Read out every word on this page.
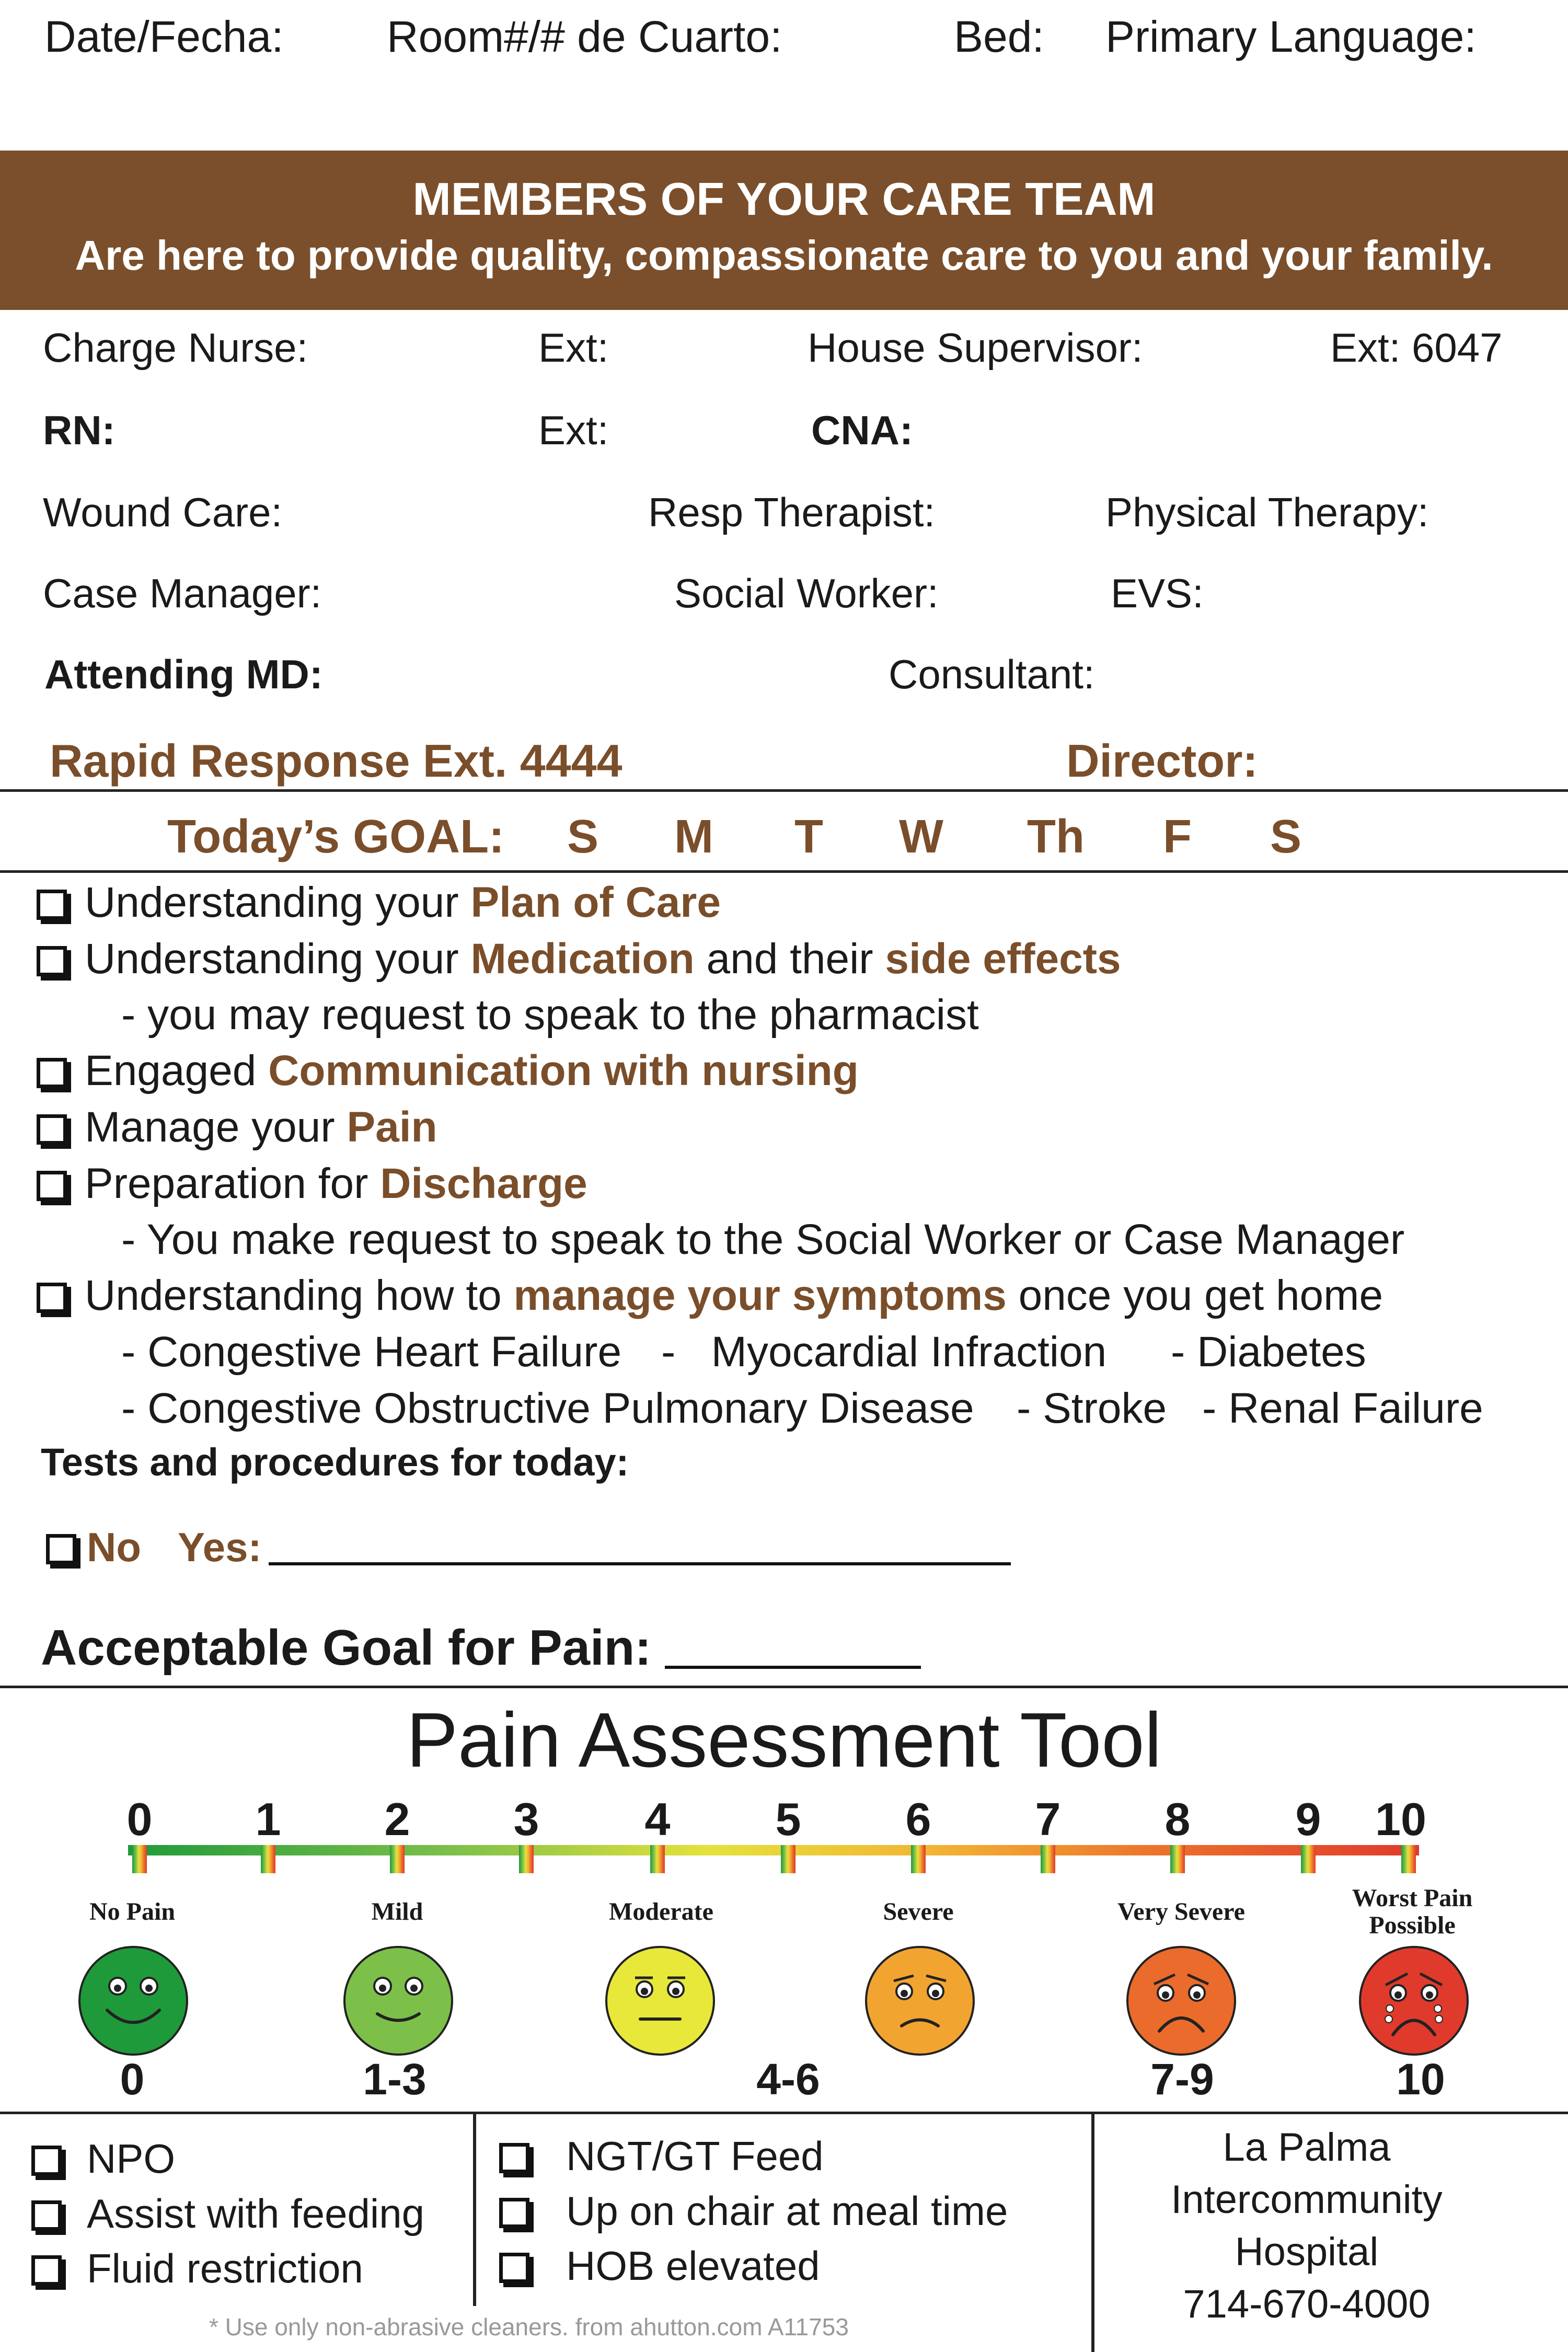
Date/Fecha: Room#/# de Cuarto:	Bed: Primary Language:
MEMBERS OF YOUR CARE TEAM
Are here to provide quality, compassionate care to you and your family.
Charge Nurse:	Ext:	House Supervisor:	Ext: 6047
RN:	Ext:	CNA:
Wound Care:	Resp Therapist:	Physical Therapy:
Case Manager:	Social Worker:	EVS:
Attending MD:	Consultant:
Rapid Response Ext. 4444	Director:
Today’s GOAL: S M T W Th F S
Understanding your Plan of Care
Understanding your Medication and their side effects
- you may request to speak to the pharmacist
Engaged Communication with nursing
Manage your Pain
Preparation for Discharge
- You make request to speak to the Social Worker or Case Manager
Understanding how to manage your symptoms once you get home
- Congestive Heart Failure -   Myocardial Infraction - Diabetes
- Congestive Obstructive Pulmonary Disease - Stroke - Renal Failure
Tests and procedures for today:
No Yes:
Acceptable Goal for Pain:
Pain Assessment Tool
0 1 2 3 4 5 6 7 8 9 10
No Pain	Mild	Moderate	Severe	Very Severe	Worst Pain
Possible
0	1-3	4-6	7-9	10
NPO
Assist with feeding
Fluid restriction
NGT/GT Feed
Up on chair at meal time
HOB elevated
La Palma
Intercommunity
Hospital
714-670-4000
* Use only non-abrasive cleaners. from ahutton.com A11753
